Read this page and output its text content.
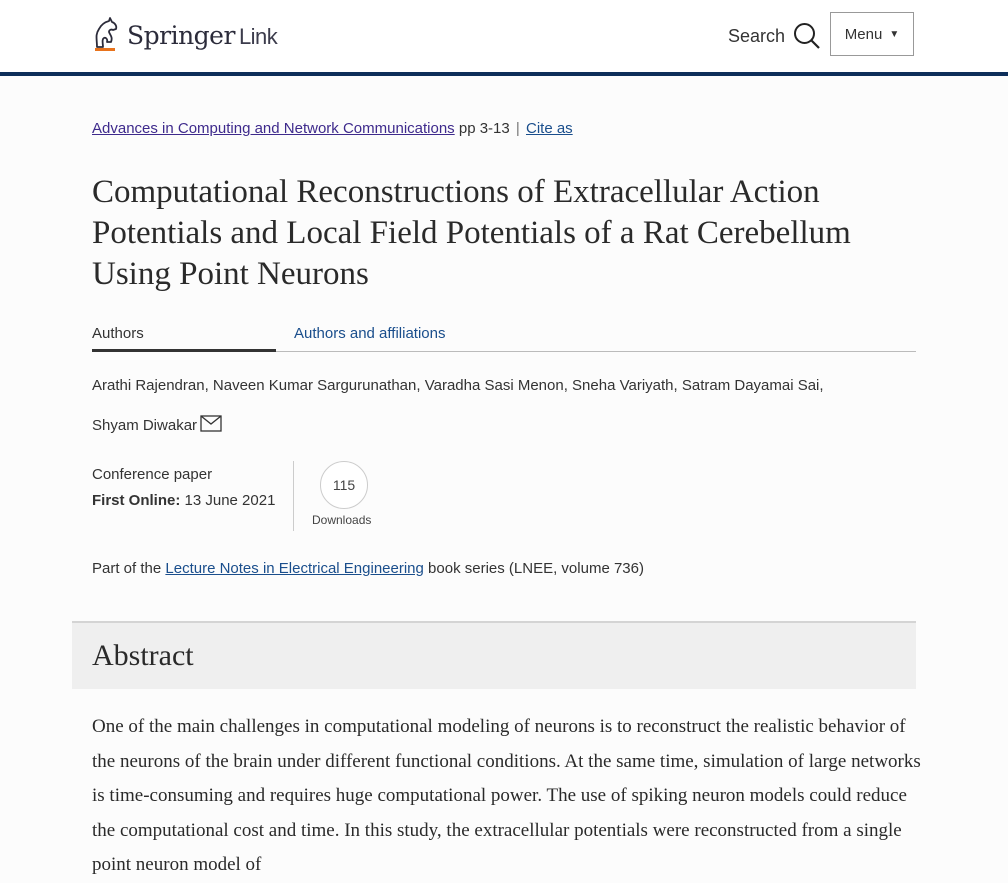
Springer Link	Search	Menu ▼
Advances in Computing and Network Communications pp 3-13 | Cite as
Computational Reconstructions of Extracellular Action Potentials and Local Field Potentials of a Rat Cerebellum Using Point Neurons
Authors	Authors and affiliations
Arathi Rajendran, Naveen Kumar Sargurunathan, Varadha Sasi Menon, Sneha Variyath, Satram Dayamai Sai,
Shyam Diwakar
Conference paper
First Online: 13 June 2021
115
Downloads
Part of the Lecture Notes in Electrical Engineering book series (LNEE, volume 736)
Abstract

One of the main challenges in computational modeling of neurons is to reconstruct the realistic behavior of the neurons of the brain under different functional conditions. At the same time, simulation of large networks is time-consuming and requires huge computational power. The use of spiking neuron models could reduce the computational cost and time. In this study, the extracellular potentials were reconstructed from a single point neuron model of
